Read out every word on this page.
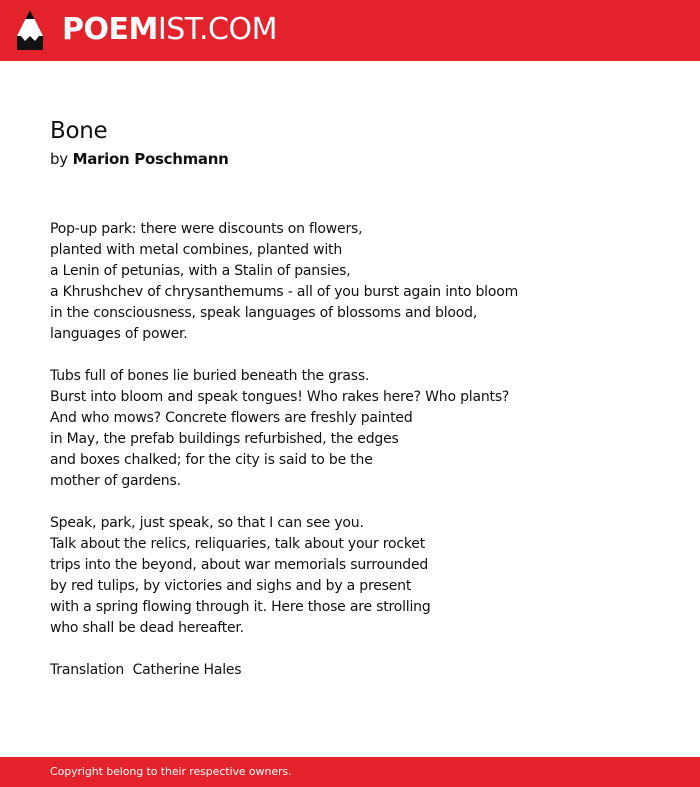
POEMIST.COM
Bone
by Marion Poschmann
Pop-up park: there were discounts on flowers,
planted with metal combines, planted with
a Lenin of petunias, with a Stalin of pansies,
a Khrushchev of chrysanthemums - all of you burst again into bloom
in the consciousness, speak languages of blossoms and blood,
languages of power.
Tubs full of bones lie buried beneath the grass.
Burst into bloom and speak tongues! Who rakes here? Who plants?
And who mows? Concrete flowers are freshly painted
in May, the prefab buildings refurbished, the edges
and boxes chalked; for the city is said to be the
mother of gardens.
Speak, park, just speak, so that I can see you.
Talk about the relics, reliquaries, talk about your rocket
trips into the beyond, about war memorials surrounded
by red tulips, by victories and sighs and by a present
with a spring flowing through it. Here those are strolling
who shall be dead hereafter.
Translation  Catherine Hales
Copyright belong to their respective owners.
